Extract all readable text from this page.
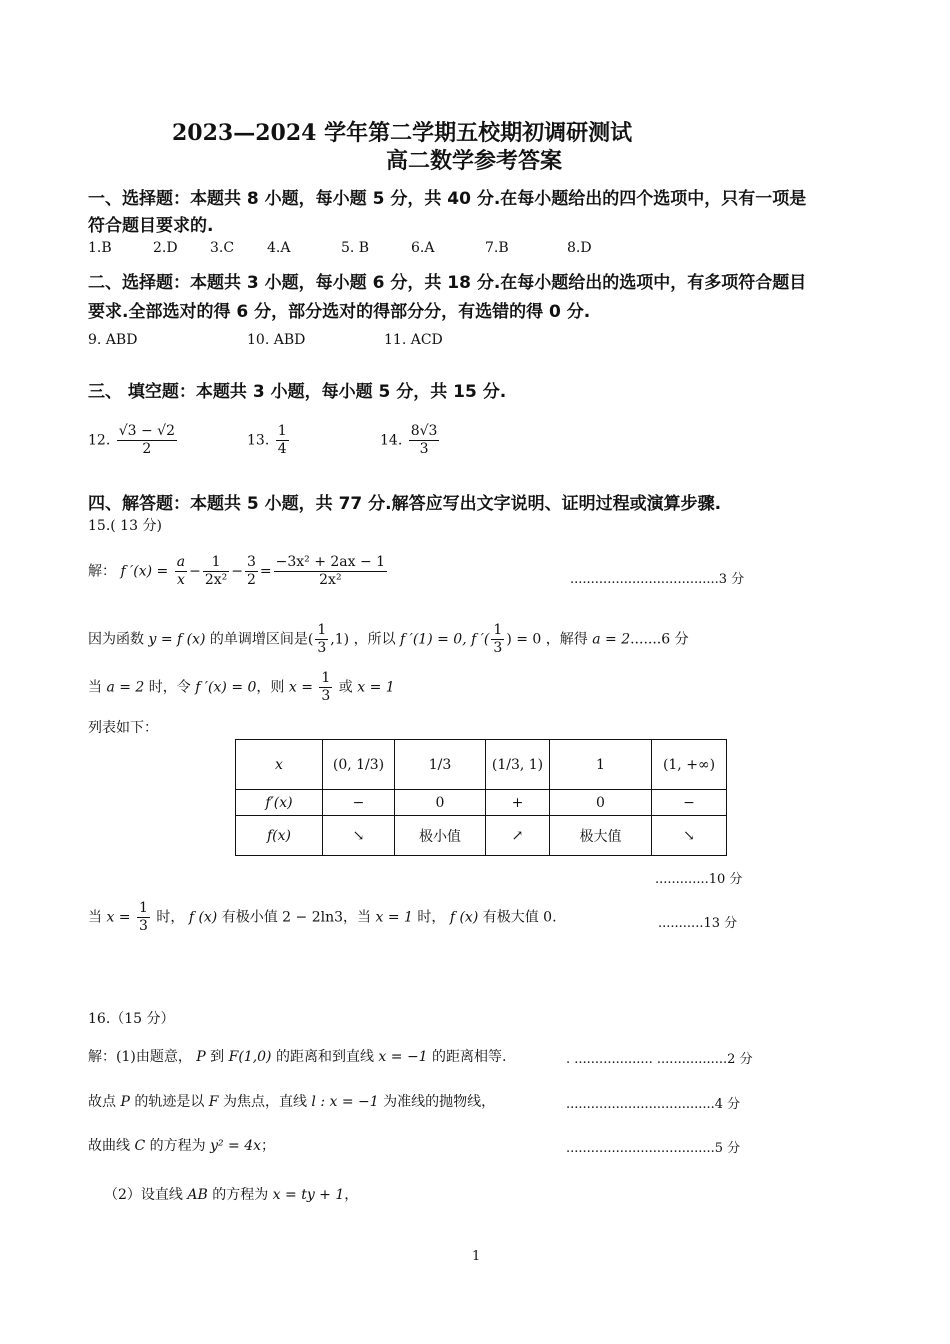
2023—2024 学年第二学期五校期初调研测试
高二数学参考答案
一、选择题：本题共 8 小题，每小题 5 分，共 40 分.在每小题给出的四个选项中，只有一项是
符合题目要求的.
1.B	2.D 3.C 4.A	5. B	6.A	7.B	8.D
二、选择题：本题共 3 小题，每小题 6 分，共 18 分.在每小题给出的选项中，有多项符合题目
要求.全部选对的得 6 分，部分选对的得部分分，有选错的得 0 分.
9. ABD	10. ABD	11. ACD
三、 填空题：本题共 3 小题，每小题 5 分，共 15 分.
12. $\frac{√3 - √2}{2}$	13. $\frac{1}{4}$	14. $\frac{8√3}{3}$
四、解答题：本题共 5 小题，共 77 分.解答应写出文字说明、证明过程或演算步骤.
15.( 13 分)
解： f $'(x) = \frac{a}{x} - \frac{1}{\text{2x²}} - \frac{3}{2} = \frac{\text{−3x² + 2ax − 1}}{\text{2x²}}$	....................................3 分
因为函数 y = f (x) 的单调增区间是( $\frac{1}{3} ,1$) ，所以 f ′(1) = 0, f ′( $\frac{1}{3}$ ) = 0 ，解得 a = 2.......6 分
当 a = 2 时，令 f ′(x) = 0，则 $x = \frac{1}{3}$ 或 x = 1
列表如下：
x	(0, 1/3)	1/3	(1/3, 1)	1	(1, +∞)
f′(x)	−	0	+	0	−
f(x)	↘	极小值	↗	极大值	↘
.............10 分
当 $x = \frac{1}{3}$ 时， f (x) 有极小值 2 − 2ln3，当 x = 1 时， f (x) 有极大值 0.	...........13 分
16.（15 分）
解：(1)由题意， P 到 F(1,0) 的距离和到直线 x = −1 的距离相等.	. ................... .................2 分
故点 P 的轨迹是以 F 为焦点，直线 l : x = −1 为准线的抛物线，	....................................4 分
故曲线 C 的方程为 y² = 4x；	....................................5 分
（2）设直线 AB 的方程为 x = ty + 1，
1
